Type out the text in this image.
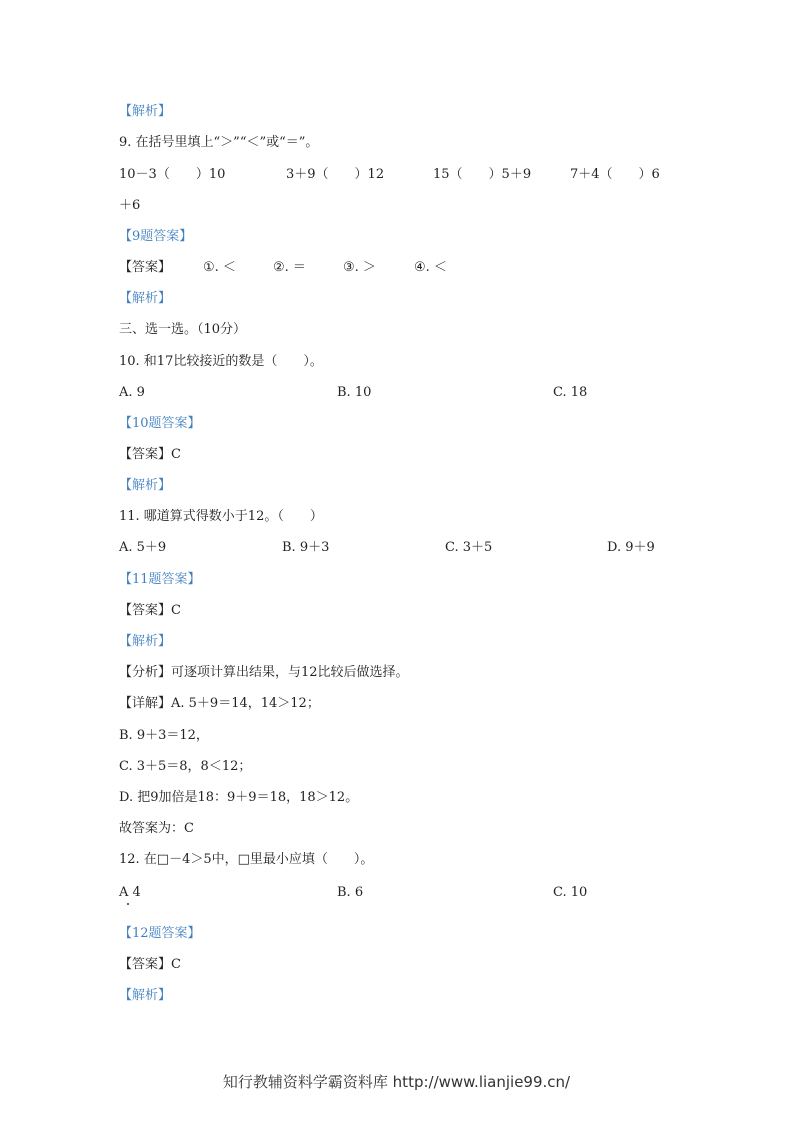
【解析】
9. 在括号里填上“＞”“＜”或“＝”。
10－3（　　）10	3＋9（　　）12	15（　　）5＋9	7＋4（　　）6
＋6
【9题答案】
【答案】 ①. ＜	②. ＝	③. ＞	④. ＜
【解析】
三、选一选。（10分）
10. 和17比较接近的数是（　　）。
A. 9	B. 10	C. 18
【10题答案】
【答案】C
【解析】
11. 哪道算式得数小于12。（　　）
A. 5＋9	B. 9＋3	C. 3＋5	D. 9＋9
【11题答案】
【答案】C
【解析】
【分析】可逐项计算出结果，与12比较后做选择。
【详解】A. 5＋9＝14，14＞12；
B. 9＋3＝12，
C. 3＋5＝8，8＜12；
D. 把9加倍是18：9＋9＝18，18＞12。
故答案为：C
12. 在□－4＞5中，□里最小应填（　　）。
A 4	B. 6	C. 10
【12题答案】
【答案】C
【解析】
知行教辅资料学霸资料库 http://www.lianjie99.cn/
